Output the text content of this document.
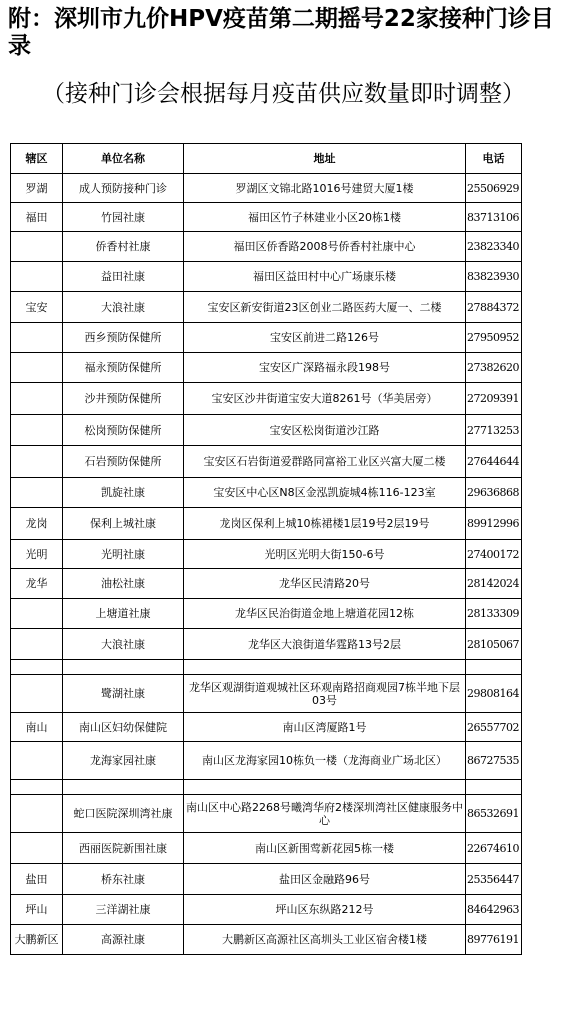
附：深圳市九价HPV疫苗第二期摇号22家接种门诊目录
（接种门诊会根据每月疫苗供应数量即时调整）
辖区	单位名称	地址	电话
罗湖	成人预防接种门诊	罗湖区文锦北路1016号建贸大厦1楼	25506929
福田	竹园社康	福田区竹子林建业小区20栋1楼	83713106
	侨香村社康	福田区侨香路2008号侨香村社康中心	23823340
	益田社康	福田区益田村中心广场康乐楼	83823930
宝安	大浪社康	宝安区新安街道23区创业二路医药大厦一、二楼	27884372
	西乡预防保健所	宝安区前进二路126号	27950952
	福永预防保健所	宝安区广深路福永段198号	27382620
	沙井预防保健所	宝安区沙井街道宝安大道8261号（华美居旁）	27209391
	松岗预防保健所	宝安区松岗街道沙江路	27713253
	石岩预防保健所	宝安区石岩街道爱群路同富裕工业区兴富大厦二楼	27644644
	凯旋社康	宝安区中心区N8区金泓凯旋城4栋116-123室	29636868
龙岗	保利上城社康	龙岗区保利上城10栋裙楼1层19号2层19号	89912996
光明	光明社康	光明区光明大街150-6号	27400172
龙华	油松社康	龙华区民清路20号	28142024
	上塘道社康	龙华区民治街道金地上塘道花园12栋	28133309
	大浪社康	龙华区大浪街道华霆路13号2层	28105067

	鹭湖社康	龙华区观湖街道观城社区环观南路招商观园7栋半地下层03号	29808164
南山	南山区妇幼保健院	南山区湾厦路1号	26557702
	龙海家园社康	南山区龙海家园10栋负一楼（龙海商业广场北区）	86727535

	蛇口医院深圳湾社康	南山区中心路2268号曦湾华府2楼深圳湾社区健康服务中心	86532691
	西丽医院新围社康	南山区新围莺新花园5栋一楼	22674610
盐田	桥东社康	盐田区金融路96号	25356447
坪山	三洋湖社康	坪山区东纵路212号	84642963
大鹏新区	高源社康	大鹏新区高源社区高圳头工业区宿舍楼1楼	89776191
